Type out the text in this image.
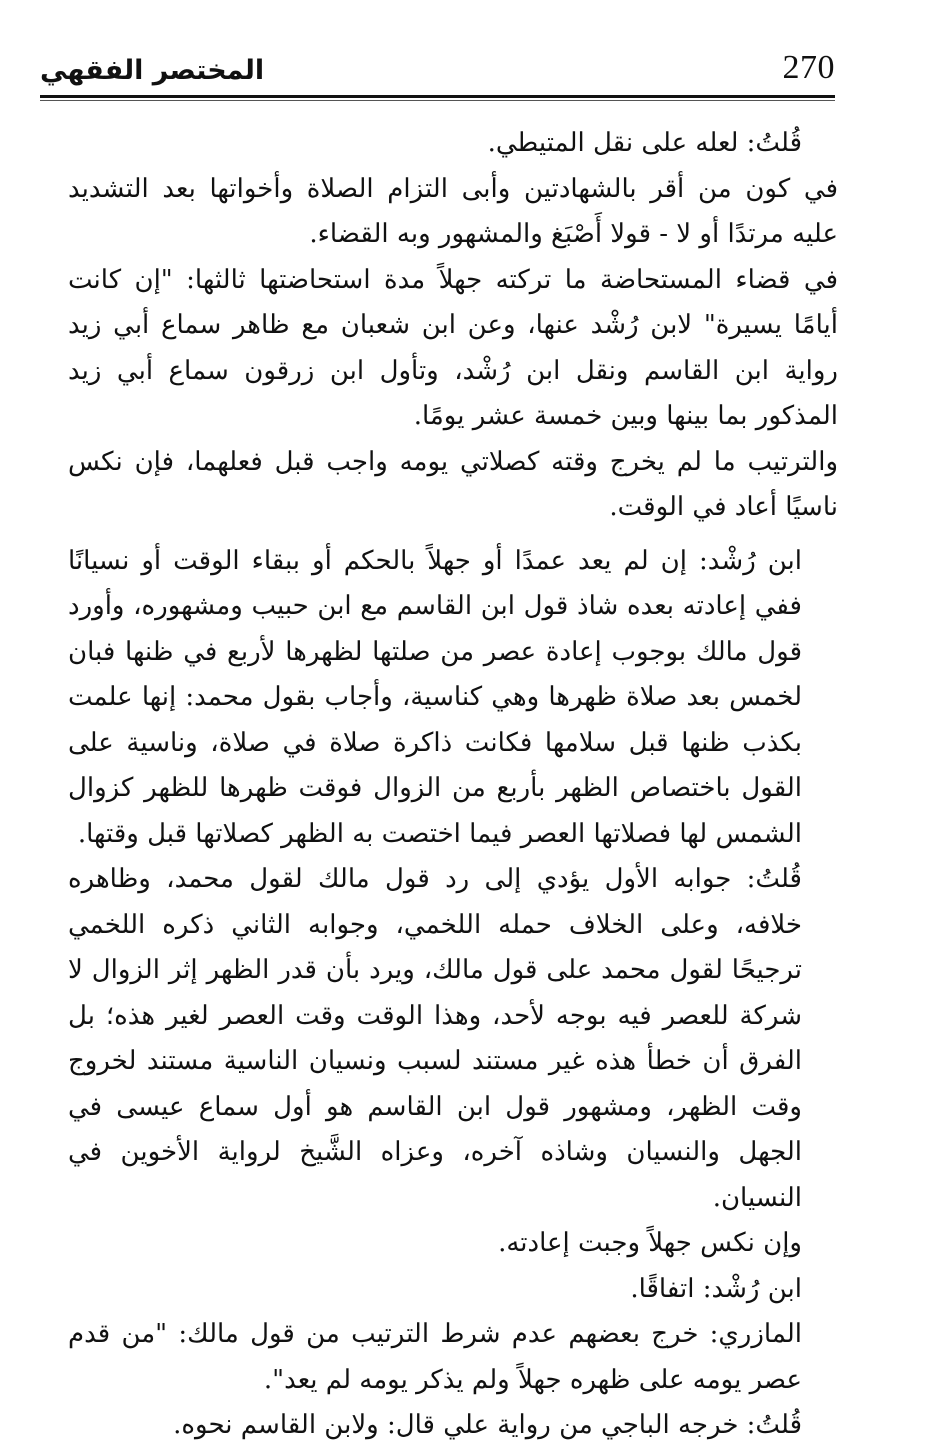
المختصر الفقهي	270

قُلتُ: لعله على نقل المتيطي.

في كون من أقر بالشهادتين وأبى التزام الصلاة وأخواتها بعد التشديد عليه مرتدًا أو لا - قولا أَصْبَغ والمشهور وبه القضاء.

في قضاء المستحاضة ما تركته جهلاً مدة استحاضتها ثالثها: "إن كانت أيامًا يسيرة" لابن رُشْد عنها، وعن ابن شعبان مع ظاهر سماع أبي زيد رواية ابن القاسم ونقل ابن رُشْد، وتأول ابن زرقون سماع أبي زيد المذكور بما بينها وبين خمسة عشر يومًا.

والترتيب ما لم يخرج وقته كصلاتي يومه واجب قبل فعلهما، فإن نكس ناسيًا أعاد في الوقت.

ابن رُشْد: إن لم يعد عمدًا أو جهلاً بالحكم أو ببقاء الوقت أو نسيانًا ففي إعادته بعده شاذ قول ابن القاسم مع ابن حبيب ومشهوره، وأورد قول مالك بوجوب إعادة عصر من صلتها لظهرها لأربع في ظنها فبان لخمس بعد صلاة ظهرها وهي كناسية، وأجاب بقول محمد: إنها علمت بكذب ظنها قبل سلامها فكانت ذاكرة صلاة في صلاة، وناسية على القول باختصاص الظهر بأربع من الزوال فوقت ظهرها للظهر كزوال الشمس لها فصلاتها العصر فيما اختصت به الظهر كصلاتها قبل وقتها.

قُلتُ: جوابه الأول يؤدي إلى رد قول مالك لقول محمد، وظاهره خلافه، وعلى الخلاف حمله اللخمي، وجوابه الثاني ذكره اللخمي ترجيحًا لقول محمد على قول مالك، ويرد بأن قدر الظهر إثر الزوال لا شركة للعصر فيه بوجه لأحد، وهذا الوقت وقت العصر لغير هذه؛ بل الفرق أن خطأ هذه غير مستند لسبب ونسيان الناسية مستند لخروج وقت الظهر، ومشهور قول ابن القاسم هو أول سماع عيسى في الجهل والنسيان وشاذه آخره، وعزاه الشَّيخ لرواية الأخوين في النسيان.

وإن نكس جهلاً وجبت إعادته.

ابن رُشْد: اتفاقًا.

المازري: خرج بعضهم عدم شرط الترتيب من قول مالك: "من قدم عصر يومه على ظهره جهلاً ولم يذكر يومه لم يعد".

قُلتُ: خرجه الباجي من رواية علي قال: ولابن القاسم نحوه.
